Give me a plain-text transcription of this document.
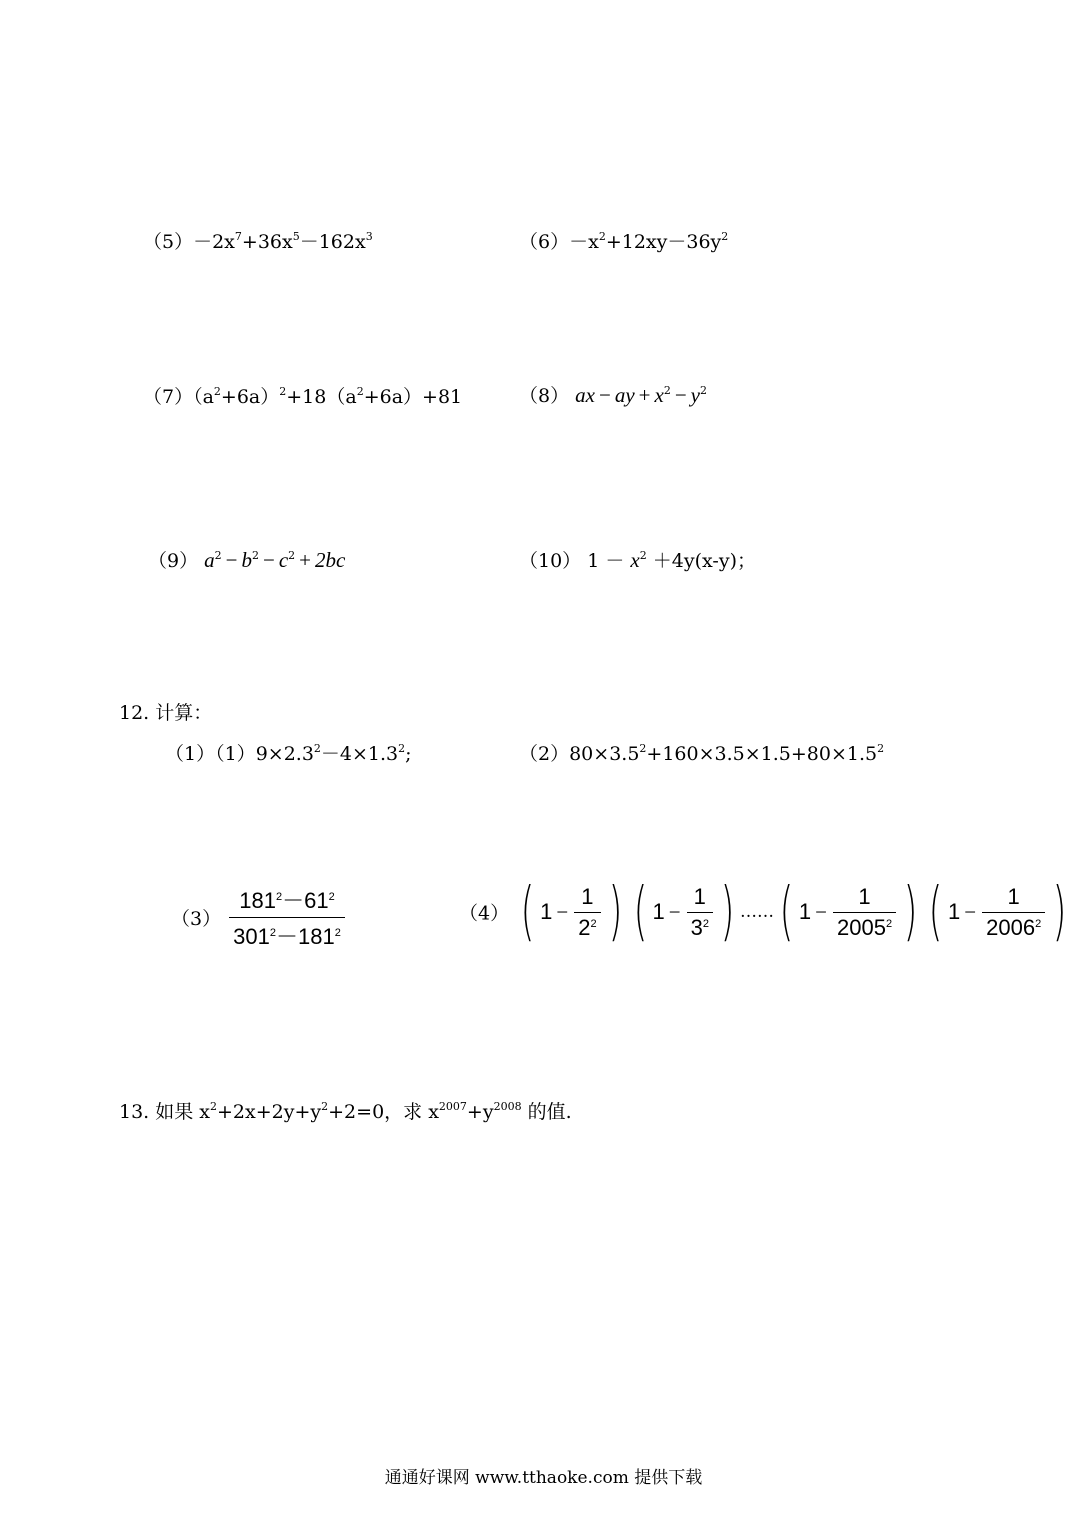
$(5)-2x^7+36x^5-162x^3$	$(6)-x^2+12xy-36y^2$
$(7)(a^2+6a)^2+18(a^2+6a)+81$	（8） ax − ay + $x^2 - y^2$
（9） $a^2 - b^2 - c^2 + 2bc$	（10） $1 - x^2 +4y(x-y)$；
12. 计算：
$(1)(1)9\times 2.3^2-4\times 1.3^2$;	$(2)80\times 3.5^2+160\times 3.5\times 1.5+80\times 1.5^2$
$(3) \frac{181^2-61^2}{301^2-181^2}$	（4） ( $1 - \frac{1}{2^2}$ ) ( $1 - \frac{1}{3^2}$ ) …… ( $1 - \frac{1}{2005^2}$ ) ( $1 - \frac{1}{2006^2}$ )
13. 如果 $x^2+2x+2y+y^2+2=0$，求 $x^{2007}+y^{2008}$ 的值.
通通好课网 www.tthaoke.com 提供下载
